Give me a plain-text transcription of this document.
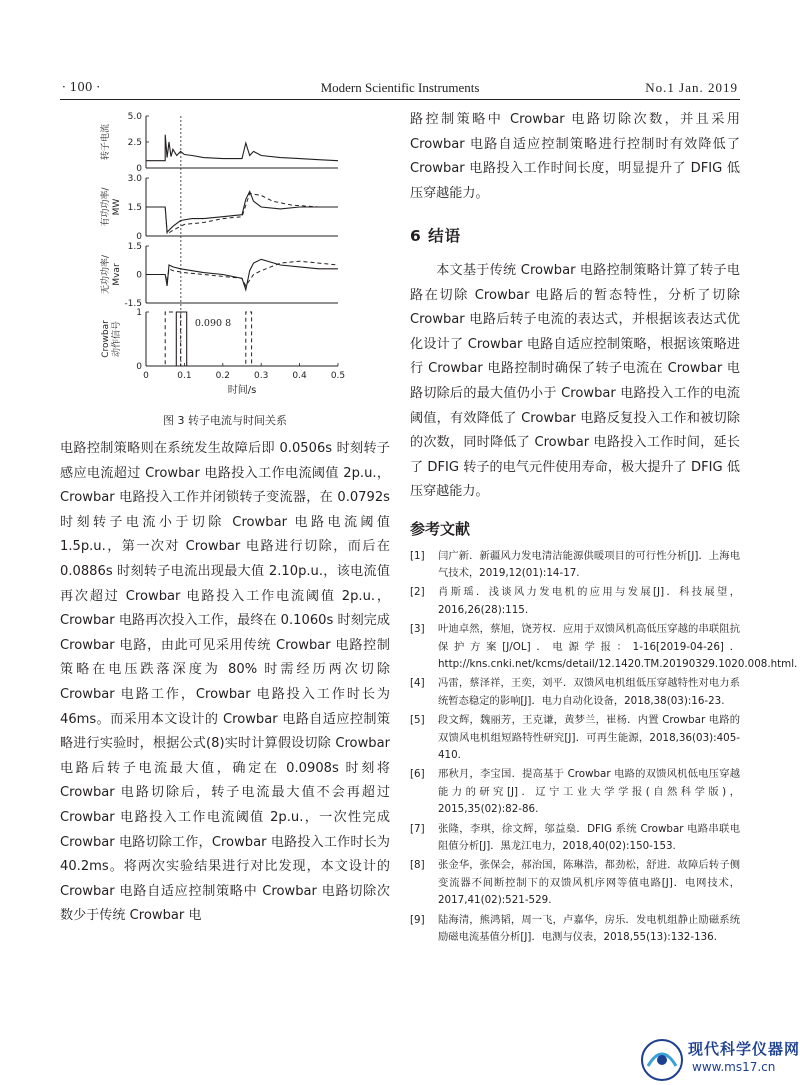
· 100 ·	Modern Scientific Instruments	No.1 Jan. 2019
5.0
2.5
0
转子电流
3.0
1.5
0
有功功率/ MW
1.5
0
-1.5
无功功率/ Mvar
1
0
Crowbar 动作信号	0.090 8
0	0.1	0.2	0.3	0.4	0.5
时间/s
图 3 转子电流与时间关系

电路控制策略则在系统发生故障后即 0.0506s 时刻转子感应电流超过 Crowbar 电路投入工作电流阈值 2p.u.，Crowbar 电路投入工作并闭锁转子变流器，在 0.0792s 时刻转子电流小于切除 Crowbar 电路电流阈值 1.5p.u.，第一次对 Crowbar 电路进行切除，而后在 0.0886s 时刻转子电流出现最大值 2.10p.u.，该电流值再次超过 Crowbar 电路投入工作电流阈值 2p.u.，Crowbar 电路再次投入工作，最终在 0.1060s 时刻完成 Crowbar 电路，由此可见采用传统 Crowbar 电路控制策略在电压跌落深度为 80% 时需经历两次切除 Crowbar 电路工作，Crowbar 电路投入工作时长为 46ms。而采用本文设计的 Crowbar 电路自适应控制策略进行实验时，根据公式(8)实时计算假设切除 Crowbar 电路后转子电流最大值，确定在 0.0908s 时刻将 Crowbar 电路切除后，转子电流最大值不会再超过 Crowbar 电路投入工作电流阈值 2p.u.，一次性完成 Crowbar 电路切除工作，Crowbar 电路投入工作时长为 40.2ms。将两次实验结果进行对比发现，本文设计的 Crowbar 电路自适应控制策略中 Crowbar 电路切除次数少于传统 Crowbar 电

路控制策略中 Crowbar 电路切除次数，并且采用 Crowbar 电路自适应控制策略进行控制时有效降低了 Crowbar 电路投入工作时间长度，明显提升了 DFIG 低压穿越能力。

6 结语

本文基于传统 Crowbar 电路控制策略计算了转子电路在切除 Crowbar 电路后的暂态特性，分析了切除 Crowbar 电路后转子电流的表达式，并根据该表达式优化设计了 Crowbar 电路自适应控制策略，根据该策略进行 Crowbar 电路控制时确保了转子电流在 Crowbar 电路切除后的最大值仍小于 Crowbar 电路投入工作的电流阈值，有效降低了 Crowbar 电路反复投入工作和被切除的次数，同时降低了 Crowbar 电路投入工作时间，延长了 DFIG 转子的电气元件使用寿命，极大提升了 DFIG 低压穿越能力。

参考文献

[1] 闫广新．新疆风力发电清洁能源供暖项目的可行性分析[J]．上海电气技术，2019,12(01):14-17.
[2] 肖斯瑶．浅谈风力发电机的应用与发展[J]．科技展望，2016,26(28):115.
[3] 叶迪卓然，蔡旭，饶芳权．应用于双馈风机高低压穿越的串联阻抗保护方案[J/OL]．电源学报：1-16[2019-04-26]．http://kns.cnki.net/kcms/detail/12.1420.TM.20190329.1020.008.html.
[4] 冯雷，蔡泽祥，王奕，刘平．双馈风电机组低压穿越特性对电力系统暂态稳定的影响[J]．电力自动化设备，2018,38(03):16-23.
[5] 段文辉，魏丽芳，王克谦，黄梦兰，崔杨．内置 Crowbar 电路的双馈风电机组短路特性研究[J]．可再生能源，2018,36(03):405-410.
[6] 邢秋月，李宝国．提高基于 Crowbar 电路的双馈风机低电压穿越能力的研究[J]．辽宁工业大学学报(自然科学版)，2015,35(02):82-86.
[7] 张隆，李琪，徐文辉，邬益燊．DFIG 系统 Crowbar 电路串联电阻值分析[J]．黑龙江电力，2018,40(02):150-153.
[8] 张金华，张保会，郝治国，陈琳浩，都劲松，舒进．故障后转子侧变流器不间断控制下的双馈风机序网等值电路[J]．电网技术，2017,41(02):521-529.
[9] 陆海清，熊鸿韬，周一飞，卢嘉华，房乐．发电机组静止励磁系统励磁电流基值分析[J]．电测与仪表，2018,55(13):132-136.
现代科学仪器网
www.ms17.cn
